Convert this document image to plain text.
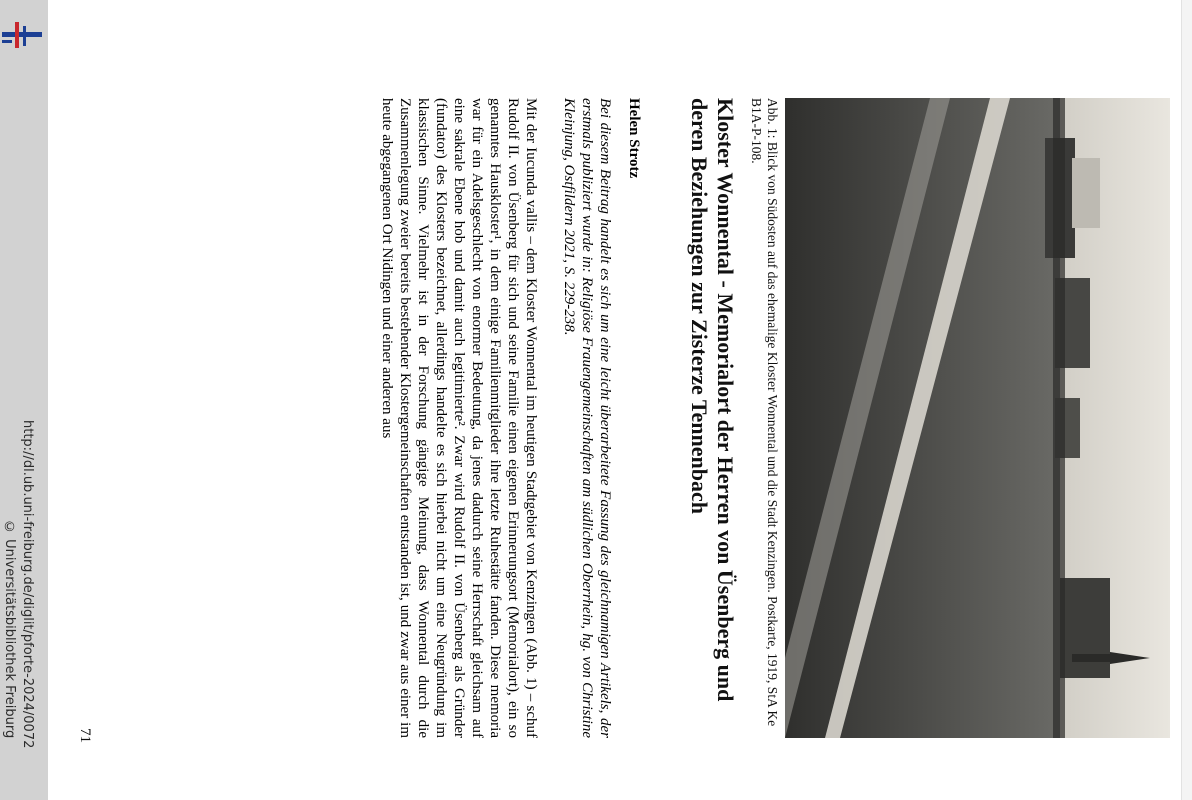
http://dl.ub.uni-freiburg.de/diglit/pforte-2024/0072
© Universitätsbibliothek Freiburg	71
Abb. 1: Blick von Südosten auf das ehemalige Kloster Wonnental und die Stadt Kenzingen. Postkarte, 1919, StA Ke B1A-P-108.
Kloster Wonnental - Memorialort der Herren von Üsenberg und deren Beziehungen zur Zisterze Tennenbach
Helen Strotz
Bei diesem Beitrag handelt es sich um eine leicht überarbeitete Fassung des gleichnamigen Artikels, der erstmals publiziert wurde in: Religiöse Frauengemeinschaften am südlichen Oberrhein, hg. von Christine Kleinjung, Ostfildern 2021, S. 229-238.
Mit der Iucunda vallis – dem Kloster Wonnental im heutigen Stadtgebiet von Kenzingen (Abb. 1) – schuf Rudolf II. von Üsenberg für sich und seine Familie einen eigenen Erinnerungsort (Memorialort), ein so genanntes Hauskloster¹, in dem einige Familienmitglieder ihre letzte Ruhestätte fanden. Diese memoria war für ein Adelsgeschlecht von enormer Bedeutung, da jenes dadurch seine Herrschaft gleichsam auf eine sakrale Ebene hob und damit auch legitimierte². Zwar wird Rudolf II. von Üsenberg als Gründer (fundator) des Klosters bezeichnet, allerdings handelte es sich hierbei nicht um eine Neugründung im klassischen Sinne. Vielmehr ist in der Forschung gängige Meinung, dass Wonnental durch die Zusammenlegung zweier bereits bestehender Klostergemeinschaften entstanden ist, und zwar aus einer im heute abgegangenen Ort Nidingen und einer anderen aus
